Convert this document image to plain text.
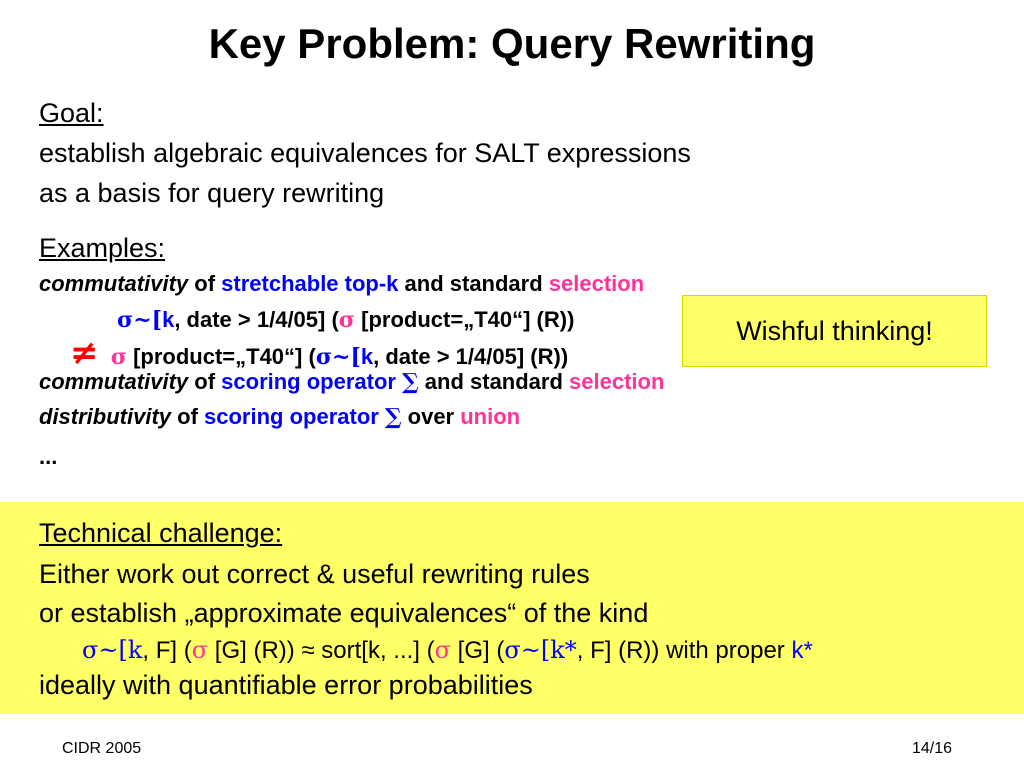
Key Problem: Query Rewriting
Goal:
establish algebraic equivalences for SALT expressions
as a basis for query rewriting
Examples:
commutativity of stretchable top-k and standard selection
σ~[k, date > 1/4/05] (σ [product=„T40“] (R))
≠ σ [product=„T40“] (σ~[k, date > 1/4/05] (R))
Wishful thinking!
commutativity of scoring operator ∑ and standard selection
distributivity of scoring operator ∑ over union
...
Technical challenge:
Either work out correct & useful rewriting rules
or establish „approximate equivalences“ of the kind
σ~[k, F] (σ [G] (R)) ≈ sort[k, ...] (σ [G] (σ~[k*, F] (R)) with proper k*
ideally with quantifiable error probabilities
CIDR 2005	14/16
